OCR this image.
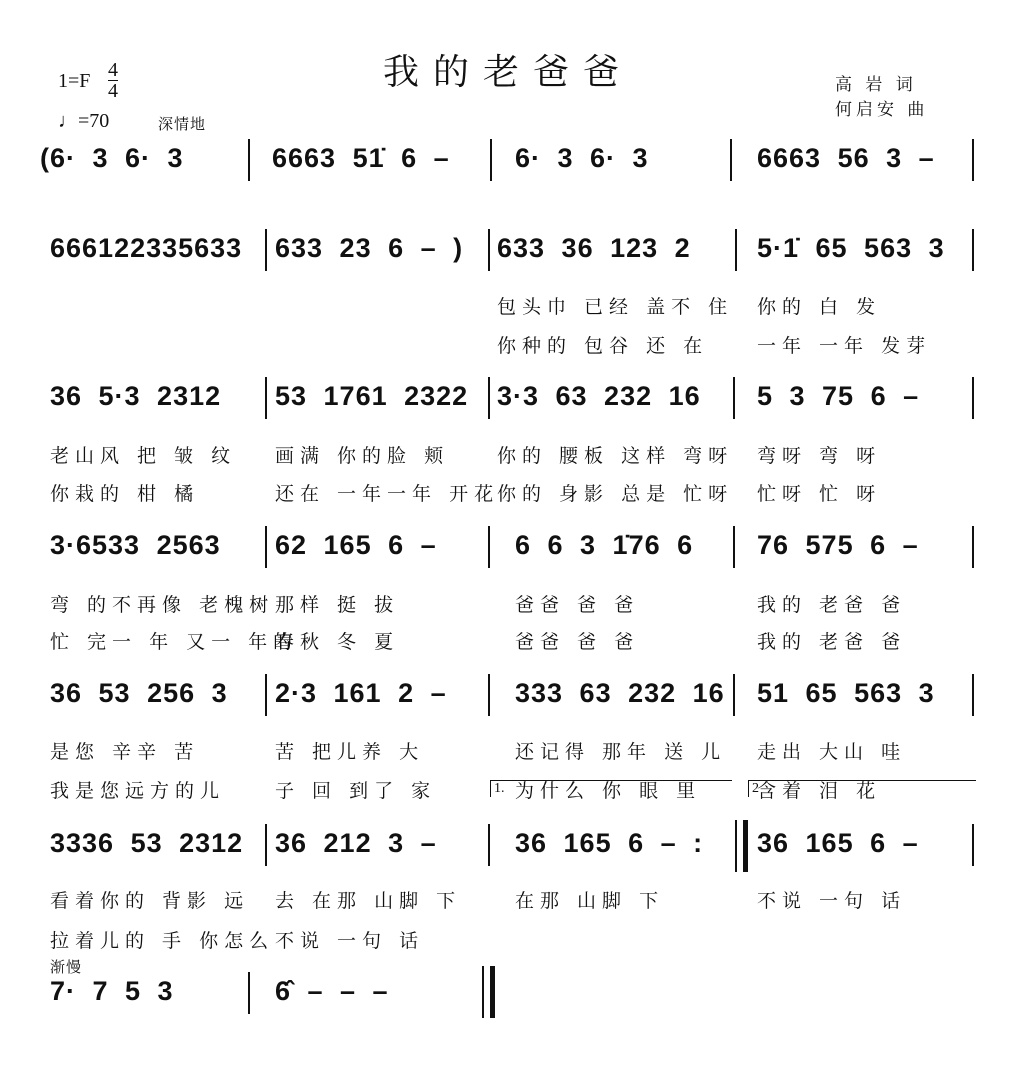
我的老爸爸
$1=F \frac{4}{4}$
♩=70	深情地
高 岩 词
何启安 曲
(6· 3 6· 3	6663 51̇ 6 – 6· 3 6· 3	6663 56 3 –
666122335633 633 23 6 – ) 633 36 123 2 5·1̇ 65 563 3
包头巾 已经 盖不 住 你的 白 发
你种的 包谷 还 在	一年 一年 发芽
36 5·3 2312 53 1761 2322 3·3 63 232 16 5 3 75 6 –
老山风 把 皱 纹 画满 你的脸 颊	你的 腰板 这样 弯呀 弯呀 弯 呀
你栽的 柑 橘	还在 一年一年 开花
你的 身影 总是 忙呀 忙呀 忙 呀
3·6533 2563 62 165 6 –	6 6 3 1̇76 6 76 575 6 –
弯 的不再像 老槐树 那样 挺 拔	爸爸 爸 爸	我的 老爸 爸
忙 完一 年 又一 年的
春秋 冬 夏	爸爸 爸 爸	我的 老爸 爸
36 53 256 3 2·3 161 2 –	333 63 232 16 51 65 563 3
是您 辛辛 苦	苦 把儿养 大	还记得 那年 送 儿 走出 大山 哇
我是您远方的儿	子 回 到了 家	为什么 你 眼 里	含着 泪 花
3336 53 2312 36 212 3 –	36 165 6 – : 36 165 6 –
看着你的 背影 远 去 在那 山脚 下	在那 山脚 下	不说 一句 话
拉着儿的 手 你怎么 不说 一句 话
1.	2
7· 7 5 3	6̂ – – –
渐慢
